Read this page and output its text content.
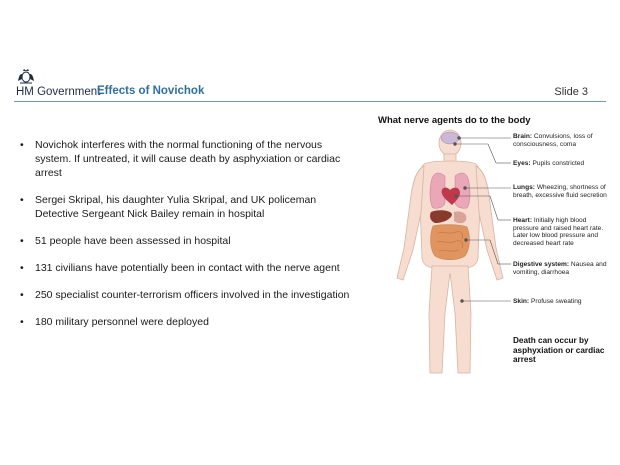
HM Government
Effects of Novichok	Slide 3
• Novichok interferes with the normal functioning of the nervous system. If untreated, it will cause death by asphyxiation or cardiac arrest
• Sergei Skripal, his daughter Yulia Skripal, and UK policeman Detective Sergeant Nick Bailey remain in hospital
• 51 people have been assessed in hospital
• 131 civilians have potentially been in contact with the nerve agent
• 250 specialist counter-terrorism officers involved in the investigation
• 180 military personnel were deployed
What nerve agents do to the body
Brain: Convulsions, loss of consciousness, coma
Eyes: Pupils constricted
Lungs: Wheezing, shortness of breath, excessive fluid secretion
Heart: Initially high blood pressure and raised heart rate. Later low blood pressure and decreased heart rate
Digestive system: Nausea and vomiting, diarrhoea
Skin: Profuse sweating
Death can occur by asphyxiation or cardiac arrest
